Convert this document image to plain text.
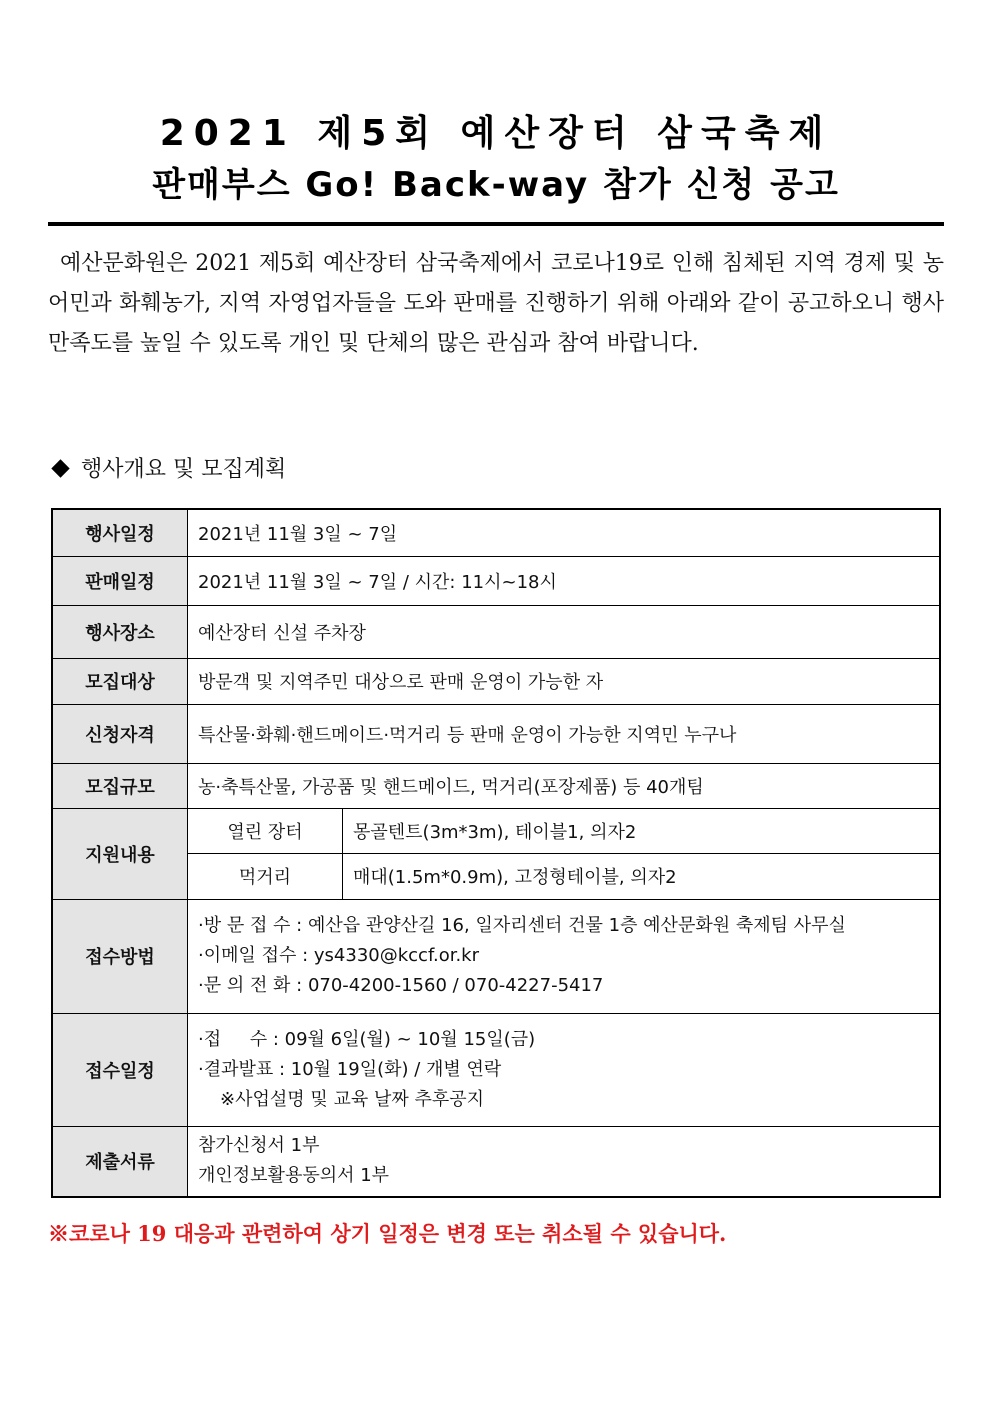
2021 제5회 예산장터 삼국축제
판매부스 Go! Back-way 참가 신청 공고

예산문화원은 2021 제5회 예산장터 삼국축제에서 코로나19로 인해 침체된 지역 경제 및 농어민과 화훼농가, 지역 자영업자들을 도와 판매를 진행하기 위해 아래와 같이 공고하오니 행사 만족도를 높일 수 있도록 개인 및 단체의 많은 관심과 참여 바랍니다.

행사개요 및 모집계획
행사일정	2021년 11월 3일 ~ 7일	
판매일정	2021년 11월 3일 ~ 7일 / 시간: 11시~18시	
행사장소	예산장터 신설 주차장	
모집대상	방문객 및 지역주민 대상으로 판매 운영이 가능한 자	
신청자격	특산물·화훼·핸드메이드·먹거리 등 판매 운영이 가능한 지역민 누구나	
모집규모	농·축특산물, 가공품 및 핸드메이드, 먹거리(포장제품) 등 40개팀	
지원내용	열린 장터	몽골텐트(3m*3m), 테이블1, 의자2
	먹거리	매대(1.5m*0.9m), 고정형테이블, 의자2
접수방법	·방 문 접 수 : 예산읍 관양산길 16, 일자리센터 건물 1층 예산문화원 축제팀 사무실
·이메일 접수 : ys4330@kccf.or.kr
·문 의 전 화 : 070-4200-1560 / 070-4227-5417	

접수일정	·접     수 : 09월 6일(월) ~ 10월 15일(금)
·결과발표 : 10월 19일(화) / 개별 연락
※사업설명 및 교육 날짜 추후공지	

제출서류	참가신청서 1부
개인정보활용동의서 1부	
※코로나 19 대응과 관련하여 상기 일정은 변경 또는 취소될 수 있습니다.
